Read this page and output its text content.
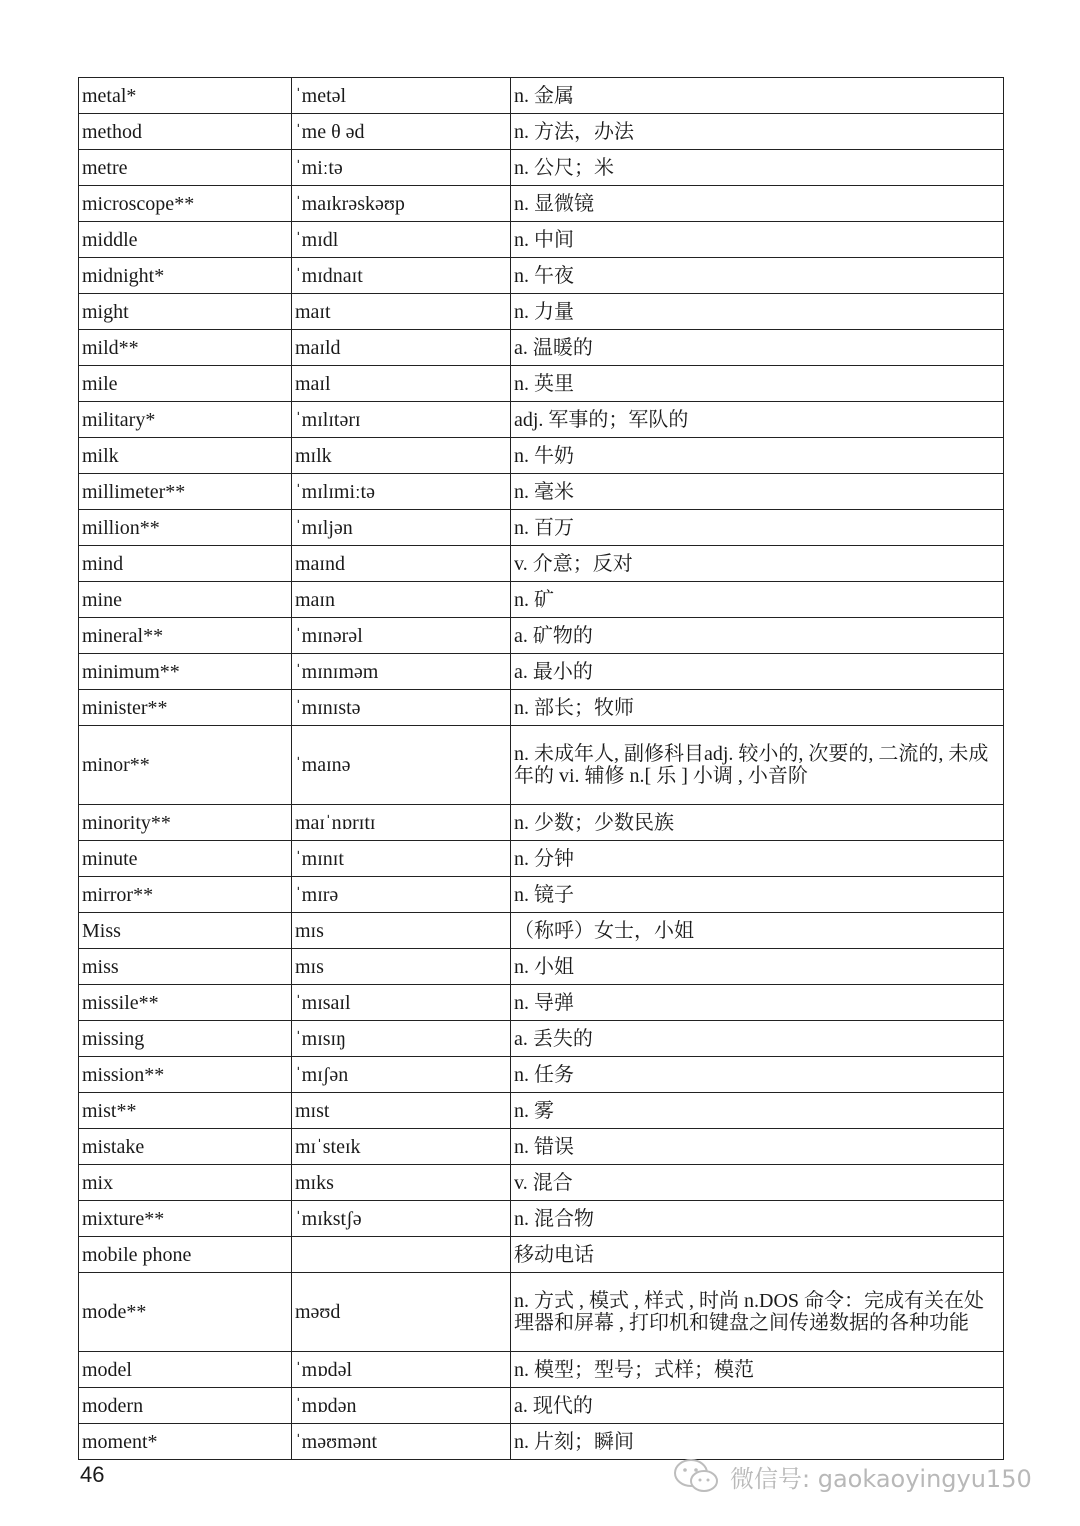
metal*	ˈmetəl	n. 金属
method	ˈme θ əd	n. 方法，办法
metre	ˈmiːtə	n. 公尺；米
microscope**	ˈmaɪkrəskəʊp	n. 显微镜
middle	ˈmɪdl	n. 中间
midnight*	ˈmɪdnaɪt	n. 午夜
might	maɪt	n. 力量
mild**	maɪld	a. 温暖的
mile	maɪl	n. 英里
military*	ˈmɪlɪtərɪ	adj. 军事的；军队的
milk	mɪlk	n. 牛奶
millimeter**	ˈmɪlɪmiːtə	n. 毫米
million**	ˈmɪljən	n. 百万
mind	maɪnd	v. 介意；反对
mine	maɪn	n. 矿
mineral**	ˈmɪnərəl	a. 矿物的
minimum**	ˈmɪnɪməm	a. 最小的
minister**	ˈmɪnɪstə	n. 部长；牧师
minor**	ˈmaɪnə	n. 未成年人, 副修科目adj. 较小的, 次要的, 二流的, 未成年的 vi. 辅修 n.[ 乐 ] 小调 , 小音阶
minority**	maɪˈnɒrɪtɪ	n. 少数；少数民族
minute	ˈmɪnɪt	n. 分钟
mirror**	ˈmɪrə	n. 镜子
Miss	mɪs	（称呼）女士，小姐
miss	mɪs	n. 小姐
missile**	ˈmɪsaɪl	n. 导弹
missing	ˈmɪsɪŋ	a. 丢失的
mission**	ˈmɪʃən	n. 任务
mist**	mɪst	n. 雾
mistake	mɪˈsteɪk	n. 错误
mix	mɪks	v. 混合
mixture**	ˈmɪkstʃə	n. 混合物
mobile phone		移动电话
mode**	məʊd	n. 方式 , 模式 , 样式 , 时尚 n.DOS 命令：完成有关在处理器和屏幕 , 打印机和键盘之间传递数据的各种功能
model	ˈmɒdəl	n. 模型；型号；式样；模范
modern	ˈmɒdən	a. 现代的
moment*	ˈməʊmənt	n. 片刻；瞬间
46	微信号: gaokaoyingyu150
